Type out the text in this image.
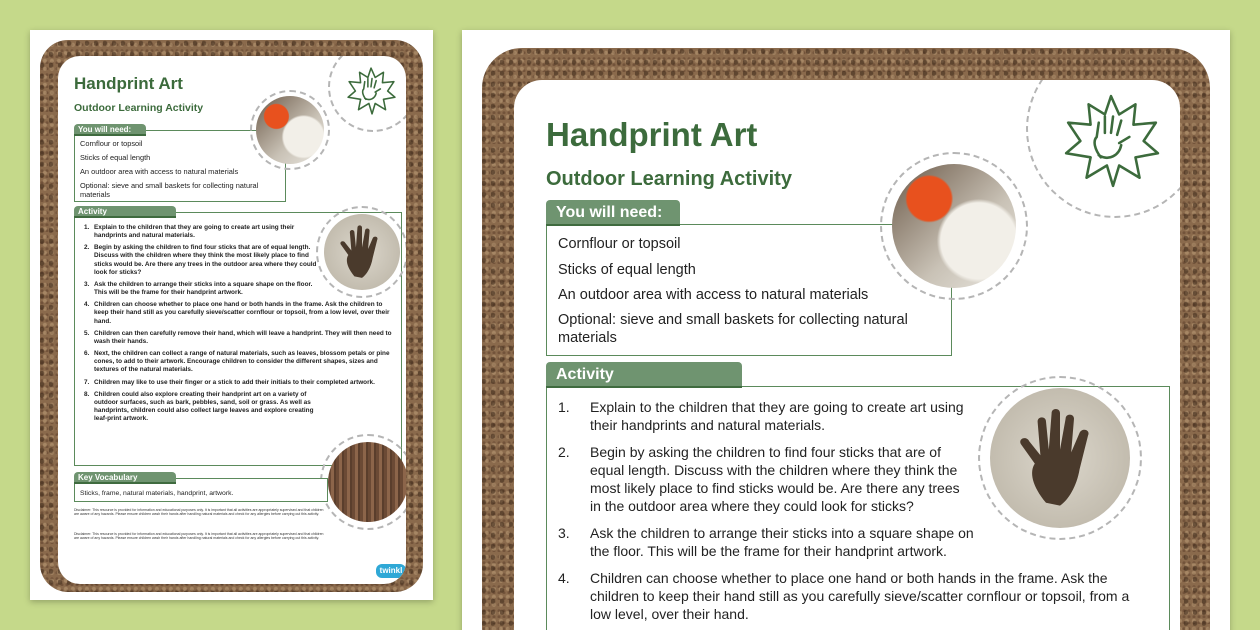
Handprint Art
Outdoor Learning Activity
You will need:
Cornflour or topsoil
Sticks of equal length
An outdoor area with access to natural materials
Optional: sieve and small baskets for collecting natural
materials
Activity
1. Explain to the children that they are going to create art using their handprints and natural materials.
2. Begin by asking the children to find four sticks that are of equal length. Discuss with the children where they think the most likely place to find sticks would be. Are there any trees in the outdoor area where they could look for sticks?
3. Ask the children to arrange their sticks into a square shape on the floor. This will be the frame for their handprint artwork.
4. Children can choose whether to place one hand or both hands in the frame. Ask the children to keep their hand still as you carefully sieve/scatter cornflour or topsoil, from a low level, over their hand.
5. Children can then carefully remove their hand, which will leave a handprint. They will then need to wash their hands.
6. Next, the children can collect a range of natural materials, such as leaves, blossom petals or pine cones, to add to their artwork. Encourage children to consider the different shapes, sizes and textures of the natural materials.
7. Children may like to use their finger or a stick to add their initials to their completed artwork.
8. Children could also explore creating their handprint art on a variety of outdoor surfaces, such as bark, pebbles, sand, soil or grass. As well as handprints, children could also collect large leaves and explore creating leaf-print artwork.
Key Vocabulary
Sticks, frame, natural materials, handprint, artwork.
Disclaimer: This resource is provided for information and educational purposes only. It is important that all activities are appropriately supervised and that children are aware of any hazards. Please ensure children wash their hands after handling natural materials and check for any allergies before carrying out this activity.
Disclaimer: This resource is provided for information and educational purposes only. It is important that all activities are appropriately supervised and that children are aware of any hazards. Please ensure children wash their hands after handling natural materials and check for any allergies before carrying out this activity.
twinkl
Handprint Art
Outdoor Learning Activity
You will need:
Cornflour or topsoil
Sticks of equal length
An outdoor area with access to natural materials
Optional: sieve and small baskets for collecting natural
materials
Activity
1. Explain to the children that they are going to create art using their handprints and natural materials.
2. Begin by asking the children to find four sticks that are of equal length. Discuss with the children where they think the most likely place to find sticks would be. Are there any trees in the outdoor area where they could look for sticks?
3. Ask the children to arrange their sticks into a square shape on the floor. This will be the frame for their handprint artwork.
4. Children can choose whether to place one hand or both hands in the frame. Ask the children to keep their hand still as you carefully sieve/scatter cornflour or topsoil, from a low level, over their hand.
